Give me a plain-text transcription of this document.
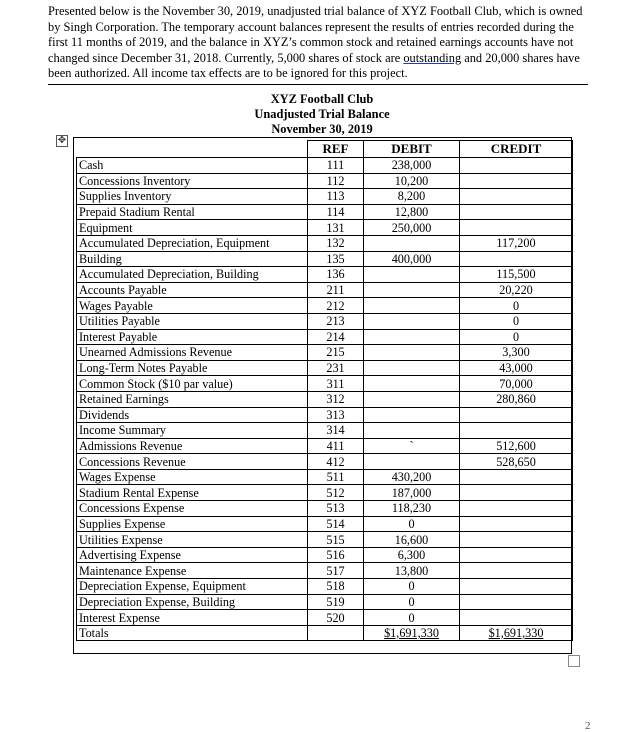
Presented below is the November 30, 2019, unadjusted trial balance of XYZ Football Club, which is owned by Singh Corporation. The temporary account balances represent the results of entries recorded during the first 11 months of 2019, and the balance in XYZ’s common stock and retained earnings accounts have not changed since December 31, 2018. Currently, 5,000 shares of stock are outstanding and 20,000 shares have been authorized. All income tax effects are to be ignored for this project.
XYZ Football Club
Unadjusted Trial Balance
November 30, 2019
✥
	REF	DEBIT	CREDIT
Cash	111	238,000	
Concessions Inventory	112	10,200	
Supplies Inventory	113	8,200	
Prepaid Stadium Rental	114	12,800	
Equipment	131	250,000	
Accumulated Depreciation, Equipment	132		117,200
Building	135	400,000	
Accumulated Depreciation, Building	136		115,500
Accounts Payable	211		20,220
Wages Payable	212		0
Utilities Payable	213		0
Interest Payable	214		0
Unearned Admissions Revenue	215		3,300
Long-Term Notes Payable	231		43,000
Common Stock ($10 par value)	311		70,000
Retained Earnings	312		280,860
Dividends	313		
Income Summary	314		
Admissions Revenue	411	`	512,600
Concessions Revenue	412		528,650
Wages Expense	511	430,200	
Stadium Rental Expense	512	187,000	
Concessions Expense	513	118,230	
Supplies Expense	514	0	
Utilities Expense	515	16,600	
Advertising Expense	516	6,300	
Maintenance Expense	517	13,800	
Depreciation Expense, Equipment	518	0	
Depreciation Expense, Building	519	0	
Interest Expense	520	0	
Totals		$1,691,330	$1,691,330
2
